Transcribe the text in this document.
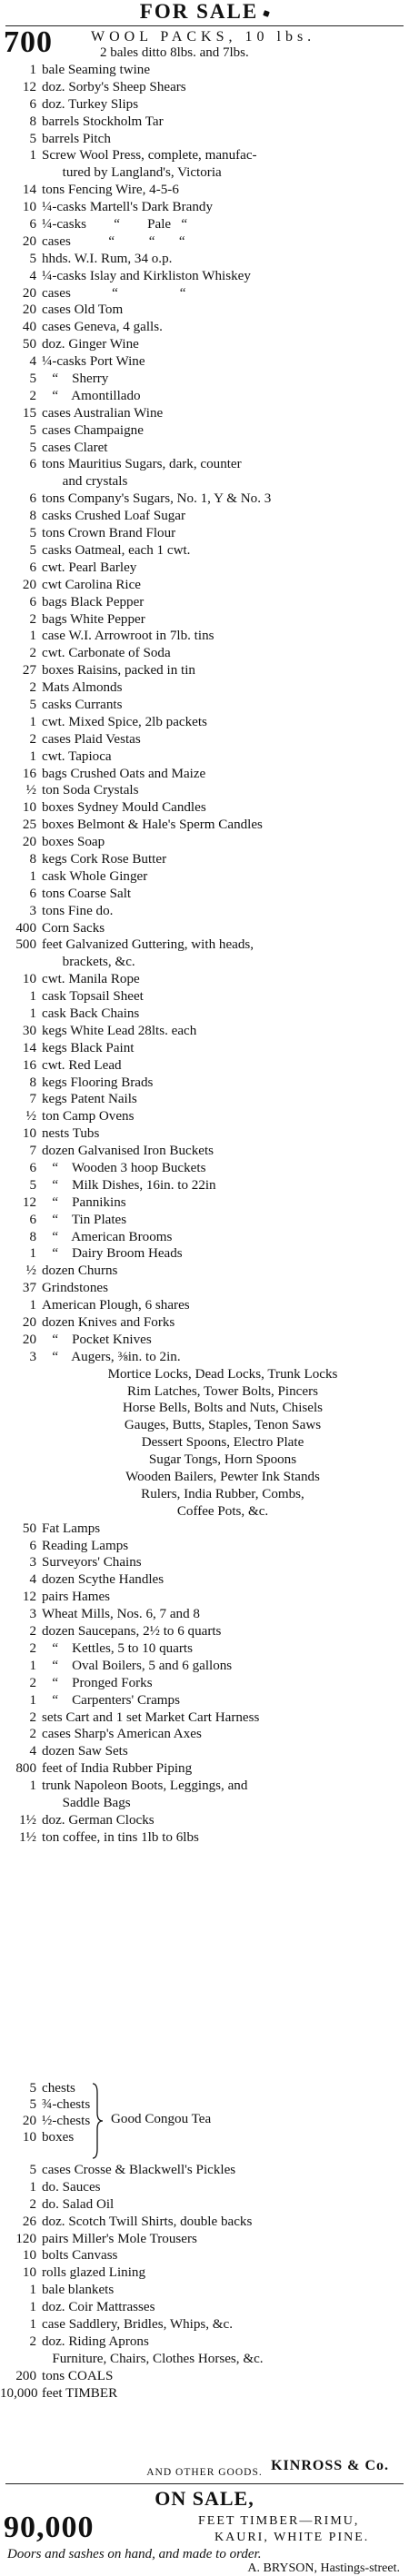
FOR SALE
700	WOOL PACKS, 10 lbs.
2 bales ditto 8lbs. and 7lbs.
1 bale Seaming twine
12 doz. Sorby's Sheep Shears
6 doz. Turkey Slips
8 barrels Stockholm Tar
5 barrels Pitch
1 Screw Wool Press, complete, manufac-
tured by Langland's, Victoria
14 tons Fencing Wire, 4-5-6
10 ¼-casks Martell's Dark Brandy
6 ¼-casks        “        Pale   “
20 cases           “          “       “
5 hhds. W.I. Rum, 34 o.p.
4 ¼-casks Islay and Kirkliston Whiskey
20 cases            “                  “
20 cases Old Tom
40 cases Geneva, 4 galls.
50 doz. Ginger Wine
4 ¼-casks Port Wine
5 “    Sherry
2 “    Amontillado
15 cases Australian Wine
5 cases Champaigne
5 cases Claret
6 tons Mauritius Sugars, dark, counter
and crystals
6 tons Company's Sugars, No. 1, Y & No. 3
8 casks Crushed Loaf Sugar
5 tons Crown Brand Flour
5 casks Oatmeal, each 1 cwt.
6 cwt. Pearl Barley
20 cwt Carolina Rice
6 bags Black Pepper
2 bags White Pepper
1 case W.I. Arrowroot in 7lb. tins
2 cwt. Carbonate of Soda
27 boxes Raisins, packed in tin
2 Mats Almonds
5 casks Currants
1 cwt. Mixed Spice, 2lb packets
2 cases Plaid Vestas
1 cwt. Tapioca
16 bags Crushed Oats and Maize
½ ton Soda Crystals
10 boxes Sydney Mould Candles
25 boxes Belmont & Hale's Sperm Candles
20 boxes Soap
8 kegs Cork Rose Butter
1 cask Whole Ginger
6 tons Coarse Salt
3 tons Fine do.
400 Corn Sacks
500 feet Galvanized Guttering, with heads,
brackets, &c.
10 cwt. Manila Rope
1 cask Topsail Sheet
1 cask Back Chains
30 kegs White Lead 28lts. each
14 kegs Black Paint
16 cwt. Red Lead
8 kegs Flooring Brads
7 kegs Patent Nails
½ ton Camp Ovens
10 nests Tubs
7 dozen Galvanised Iron Buckets
6 “    Wooden 3 hoop Buckets
5 “    Milk Dishes, 16in. to 22in
12 “    Pannikins
6 “    Tin Plates
8 “    American Brooms
1 “    Dairy Broom Heads
½ dozen Churns
37 Grindstones
1 American Plough, 6 shares
20 dozen Knives and Forks
20 “    Pocket Knives
3 “    Augers, ⅜in. to 2in.
Mortice Locks, Dead Locks, Trunk Locks
Rim Latches, Tower Bolts, Pincers
Horse Bells, Bolts and Nuts, Chisels
Gauges, Butts, Staples, Tenon Saws
Dessert Spoons, Electro Plate
Sugar Tongs, Horn Spoons
Wooden Bailers, Pewter Ink Stands
Rulers, India Rubber, Combs,
Coffee Pots, &c.
50 Fat Lamps
6 Reading Lamps
3 Surveyors' Chains
4 dozen Scythe Handles
12 pairs Hames
3 Wheat Mills, Nos. 6, 7 and 8
2 dozen Saucepans, 2½ to 6 quarts
2 “    Kettles, 5 to 10 quarts
1 “    Oval Boilers, 5 and 6 gallons
2 “    Pronged Forks
1 “    Carpenters' Cramps
2 sets Cart and 1 set Market Cart Harness
2 cases Sharp's American Axes
4 dozen Saw Sets
800 feet of India Rubber Piping
1 trunk Napoleon Boots, Leggings, and
Saddle Bags
1½ doz. German Clocks
1½ ton coffee, in tins 1lb to 6lbs
5 chests
5 ¾-chests
20 ½-chests
10 boxes
Good Congou Tea
5 cases Crosse & Blackwell's Pickles
1 do. Sauces
2 do. Salad Oil
26 doz. Scotch Twill Shirts, double backs
120 pairs Miller's Mole Trousers
10 bolts Canvass
10 rolls glazed Lining
1 bale blankets
1 doz. Coir Mattrasses
1 case Saddlery, Bridles, Whips, &c.
2 doz. Riding Aprons
Furniture, Chairs, Clothes Horses, &c.
200 tons COALS
10,000 feet TIMBER
AND OTHER GOODS. KINROSS & Co.
ON SALE,
90,000	FEET TIMBER—RIMU,
KAURI, WHITE PINE.
Doors and sashes on hand, and made to order.
A. BRYSON, Hastings-street.
